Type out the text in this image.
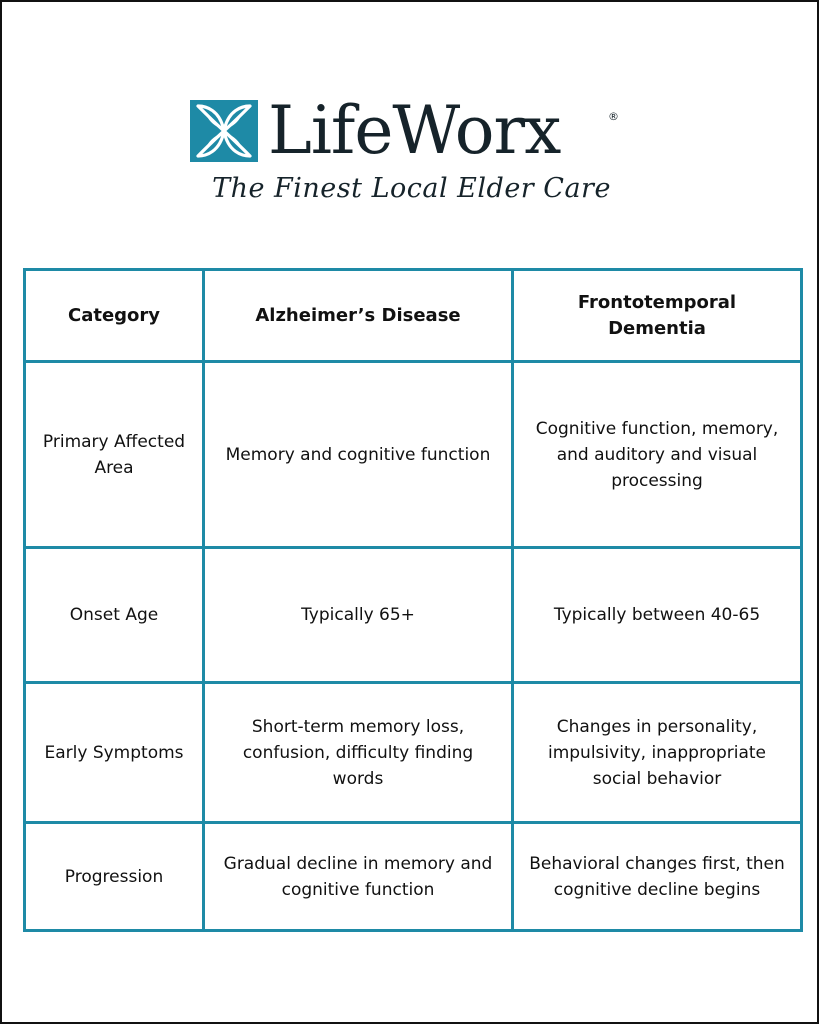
LifeWorx	®
The Finest Local Elder Care
Category	Alzheimer’s Disease	Frontotemporal Dementia
Primary Affected Area	Memory and cognitive function	Cognitive function, memory, and auditory and visual processing
Onset Age	Typically 65+	Typically between 40-65
Early Symptoms	Short-term memory loss, confusion, difficulty finding words	Changes in personality, impulsivity, inappropriate social behavior
Progression	Gradual decline in memory and cognitive function	Behavioral changes first, then cognitive decline begins
